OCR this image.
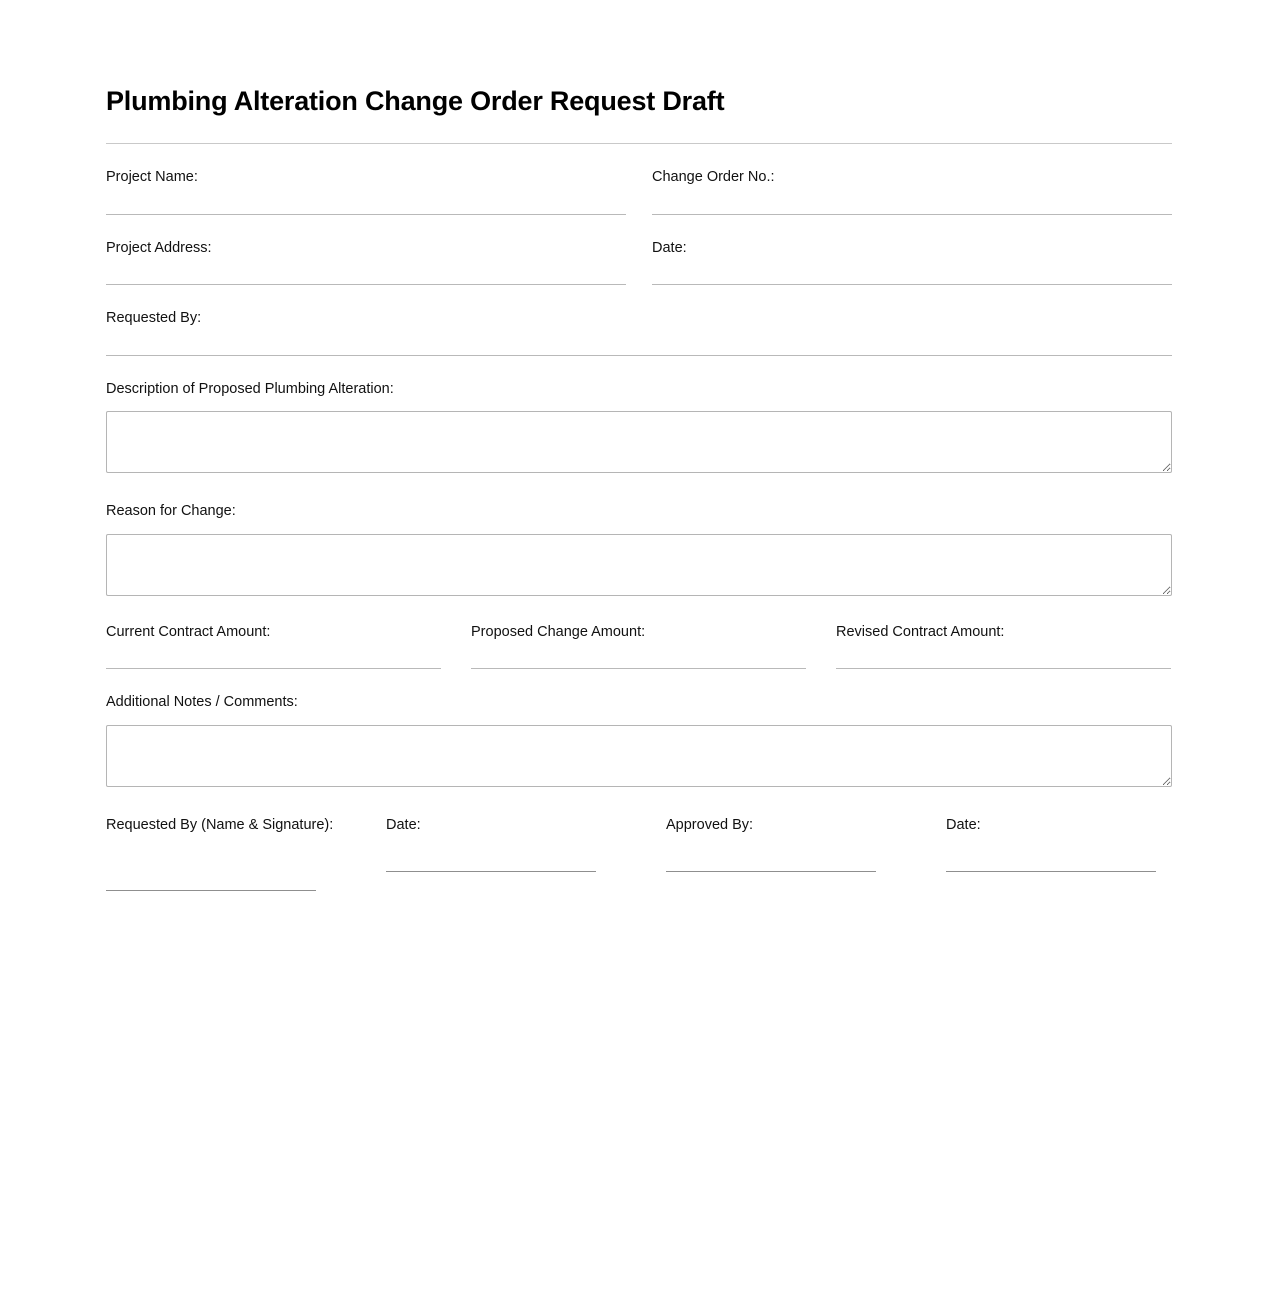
Plumbing Alteration Change Order Request Draft
Project Name:	Change Order No.:
Project Address:	Date:
Requested By:
Description of Proposed Plumbing Alteration:
Reason for Change:
Current Contract Amount:	Proposed Change Amount:	Revised Contract Amount:
Additional Notes / Comments:
Requested By (Name & Signature):	Date:	Approved By:	Date:
